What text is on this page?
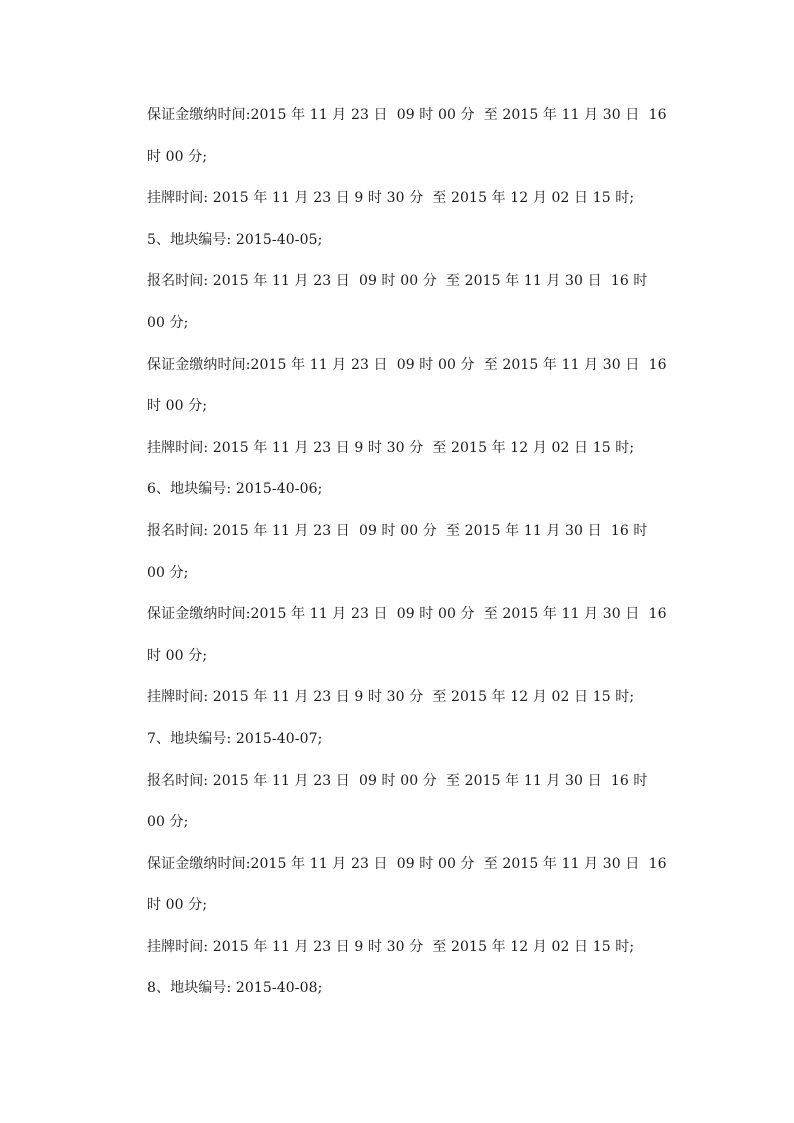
保证金缴纳时间:2015 年 11 月 23 日  09 时 00 分  至 2015 年 11 月 30 日  16
时 00 分;
挂牌时间: 2015 年 11 月 23 日 9 时 30 分  至 2015 年 12 月 02 日 15 时;
5、地块编号: 2015-40-05;
报名时间: 2015 年 11 月 23 日  09 时 00 分  至 2015 年 11 月 30 日  16 时
00 分;
保证金缴纳时间:2015 年 11 月 23 日  09 时 00 分  至 2015 年 11 月 30 日  16
时 00 分;
挂牌时间: 2015 年 11 月 23 日 9 时 30 分  至 2015 年 12 月 02 日 15 时;
6、地块编号: 2015-40-06;
报名时间: 2015 年 11 月 23 日  09 时 00 分  至 2015 年 11 月 30 日  16 时
00 分;
保证金缴纳时间:2015 年 11 月 23 日  09 时 00 分  至 2015 年 11 月 30 日  16
时 00 分;
挂牌时间: 2015 年 11 月 23 日 9 时 30 分  至 2015 年 12 月 02 日 15 时;
7、地块编号: 2015-40-07;
报名时间: 2015 年 11 月 23 日  09 时 00 分  至 2015 年 11 月 30 日  16 时
00 分;
保证金缴纳时间:2015 年 11 月 23 日  09 时 00 分  至 2015 年 11 月 30 日  16
时 00 分;
挂牌时间: 2015 年 11 月 23 日 9 时 30 分  至 2015 年 12 月 02 日 15 时;
8、地块编号: 2015-40-08;
